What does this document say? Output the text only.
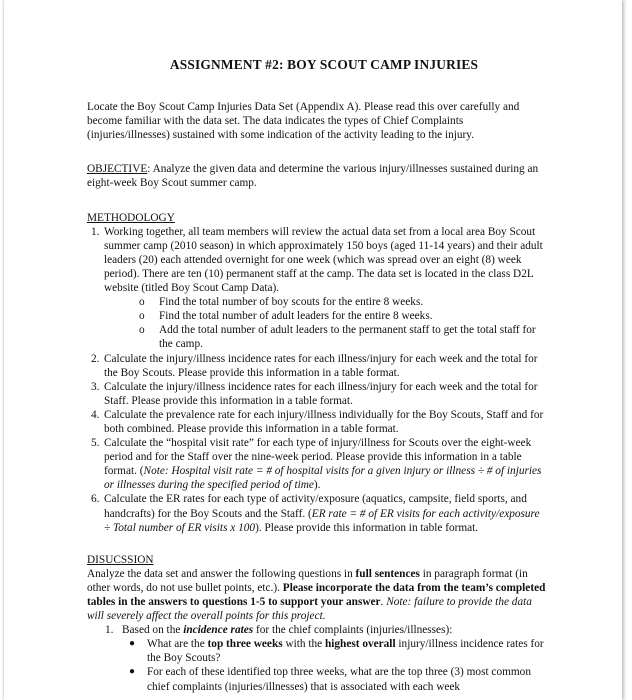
ASSIGNMENT #2: BOY SCOUT CAMP INJURIES

Locate the Boy Scout Camp Injuries Data Set (Appendix A). Please read this over carefully and become familiar with the data set. The data indicates the types of Chief Complaints (injuries/illnesses) sustained with some indication of the activity leading to the injury.

OBJECTIVE: Analyze the given data and determine the various injury/illnesses sustained during an eight-week Boy Scout summer camp.

METHODOLOGY
1. Working together, all team members will review the actual data set from a local area Boy Scout summer camp (2010 season) in which approximately 150 boys (aged 11-14 years) and their adult leaders (20) each attended overnight for one week (which was spread over an eight (8) week period). There are ten (10) permanent staff at the camp. The data set is located in the class D2L website (titled Boy Scout Camp Data).
o Find the total number of boy scouts for the entire 8 weeks.
o Find the total number of adult leaders for the entire 8 weeks.
o Add the total number of adult leaders to the permanent staff to get the total staff for the camp.
2. Calculate the injury/illness incidence rates for each illness/injury for each week and the total for the Boy Scouts. Please provide this information in a table format.
3. Calculate the injury/illness incidence rates for each illness/injury for each week and the total for Staff. Please provide this information in a table format.
4. Calculate the prevalence rate for each injury/illness individually for the Boy Scouts, Staff and for both combined. Please provide this information in a table format.
5. Calculate the “hospital visit rate” for each type of injury/illness for Scouts over the eight-week period and for the Staff over the nine-week period. Please provide this information in a table format. (Note: Hospital visit rate = # of hospital visits for a given injury or illness ÷ # of injuries or illnesses during the specified period of time).
6. Calculate the ER rates for each type of activity/exposure (aquatics, campsite, field sports, and handcrafts) for the Boy Scouts and the Staff. (ER rate = # of ER visits for each activity/exposure ÷ Total number of ER visits x 100). Please provide this information in table format.
DISUCSSION

Analyze the data set and answer the following questions in full sentences in paragraph format (in other words, do not use bullet points, etc.). Please incorporate the data from the team’s completed tables in the answers to questions 1-5 to support your answer. Note: failure to provide the data will severely affect the overall points for this project.

1. Based on the incidence rates for the chief complaints (injuries/illnesses):
● What are the top three weeks with the highest overall injury/illness incidence rates for the Boy Scouts?
● For each of these identified top three weeks, what are the top three (3) most common chief complaints (injuries/illnesses) that is associated with each week
